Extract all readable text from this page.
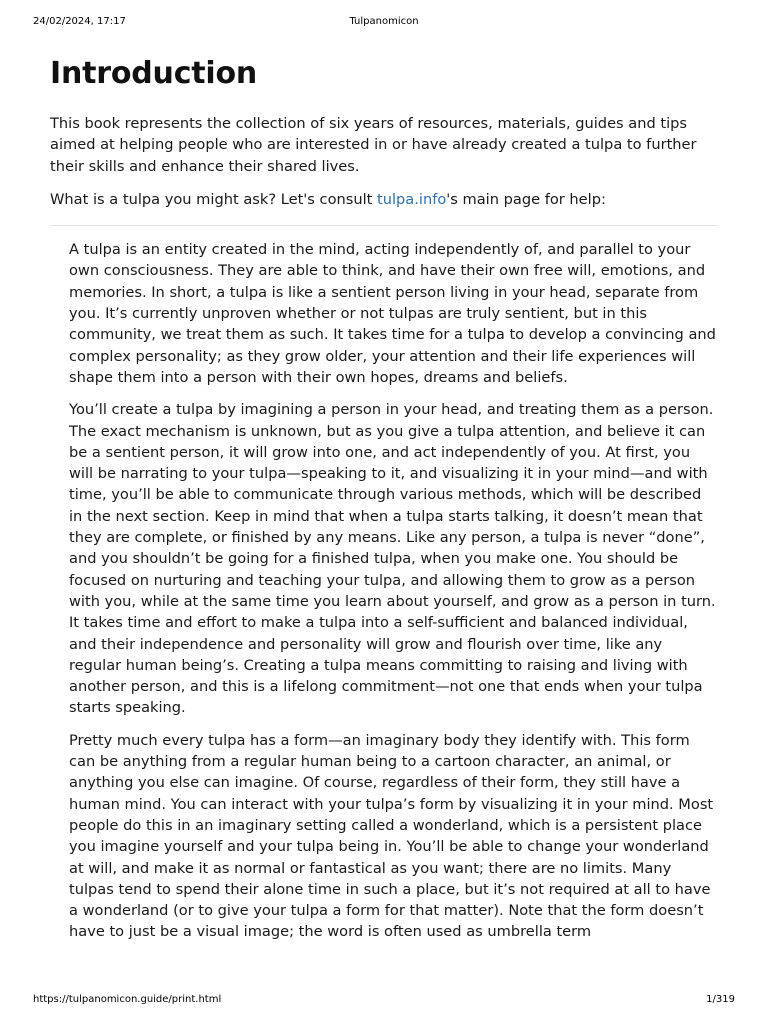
24/02/2024, 17:17	Tulpanomicon
Introduction

This book represents the collection of six years of resources, materials, guides and tips aimed at helping people who are interested in or have already created a tulpa to further their skills and enhance their shared lives.

What is a tulpa you might ask? Let's consult tulpa.info's main page for help:

A tulpa is an entity created in the mind, acting independently of, and parallel to your own consciousness. They are able to think, and have their own free will, emotions, and memories. In short, a tulpa is like a sentient person living in your head, separate from you. It’s currently unproven whether or not tulpas are truly sentient, but in this community, we treat them as such. It takes time for a tulpa to develop a convincing and complex personality; as they grow older, your attention and their life experiences will shape them into a person with their own hopes, dreams and beliefs.

You’ll create a tulpa by imagining a person in your head, and treating them as a person. The exact mechanism is unknown, but as you give a tulpa attention, and believe it can be a sentient person, it will grow into one, and act independently of you. At first, you will be narrating to your tulpa—speaking to it, and visualizing it in your mind—and with time, you’ll be able to communicate through various methods, which will be described in the next section. Keep in mind that when a tulpa starts talking, it doesn’t mean that they are complete, or finished by any means. Like any person, a tulpa is never “done”, and you shouldn’t be going for a finished tulpa, when you make one. You should be focused on nurturing and teaching your tulpa, and allowing them to grow as a person with you, while at the same time you learn about yourself, and grow as a person in turn. It takes time and effort to make a tulpa into a self-sufficient and balanced individual, and their independence and personality will grow and flourish over time, like any regular human being’s. Creating a tulpa means committing to raising and living with another person, and this is a lifelong commitment—not one that ends when your tulpa starts speaking.

Pretty much every tulpa has a form—an imaginary body they identify with. This form can be anything from a regular human being to a cartoon character, an animal, or anything you else can imagine. Of course, regardless of their form, they still have a human mind. You can interact with your tulpa’s form by visualizing it in your mind. Most people do this in an imaginary setting called a wonderland, which is a persistent place you imagine yourself and your tulpa being in. You’ll be able to change your wonderland at will, and make it as normal or fantastical as you want; there are no limits. Many tulpas tend to spend their alone time in such a place, but it’s not required at all to have a wonderland (or to give your tulpa a form for that matter). Note that the form doesn’t have to just be a visual image; the word is often used as umbrella term

https://tulpanomicon.guide/print.html	1/319
